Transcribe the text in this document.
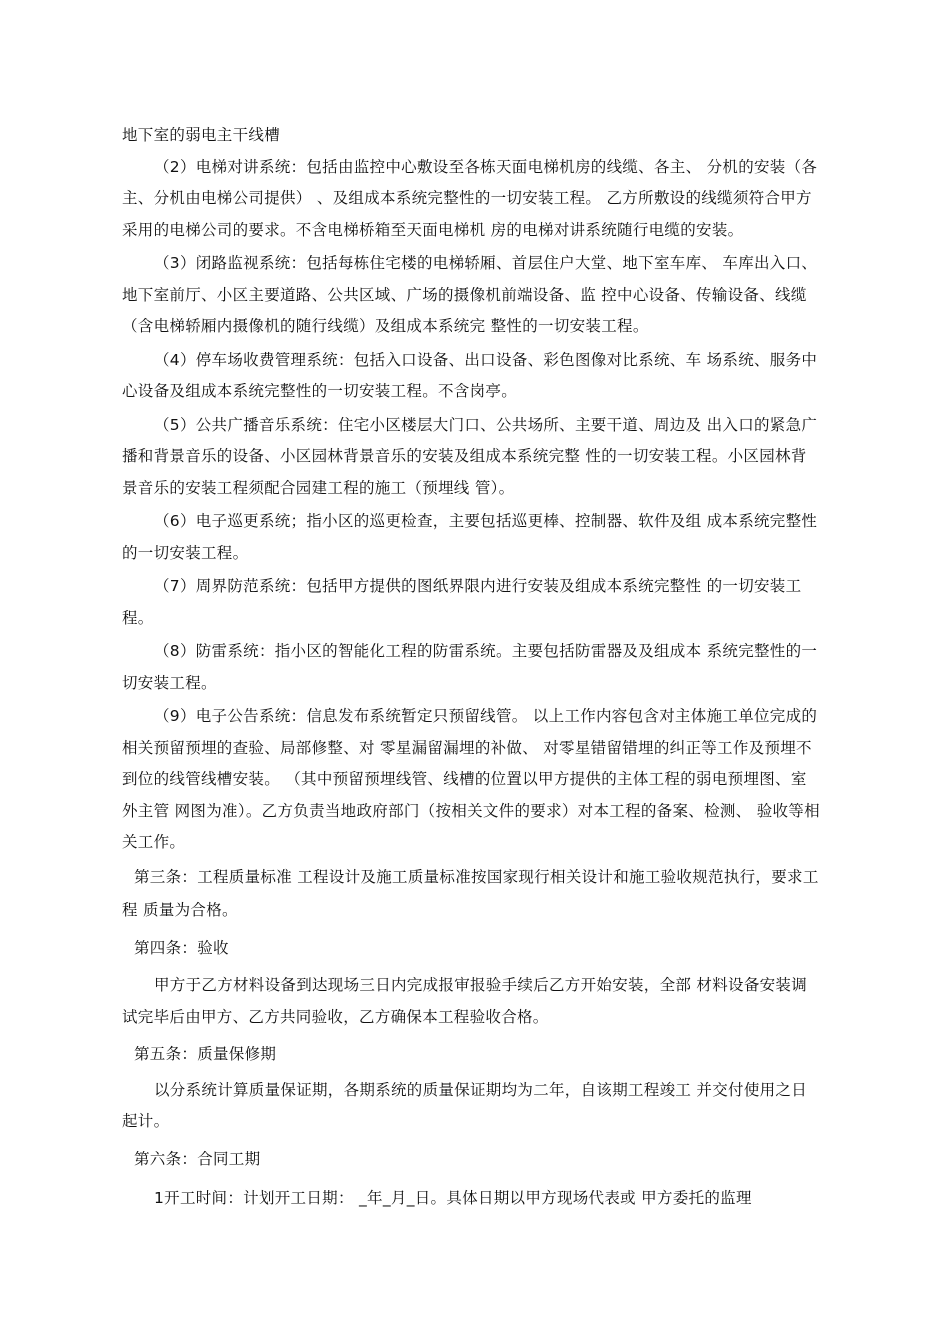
地下室的弱电主干线槽
（2）电梯对讲系统：包括由监控中心敷设至各栋天面电梯机房的线缆、各主、 分机的安装（各主、分机由电梯公司提供） 、及组成本系统完整性的一切安装工程。 乙方所敷设的线缆须符合甲方采用的电梯公司的要求。不含电梯桥箱至天面电梯机 房的电梯对讲系统随行电缆的安装。
（3）闭路监视系统：包括每栋住宅楼的电梯轿厢、首层住户大堂、地下室车库、 车库出入口、地下室前厅、小区主要道路、公共区域、广场的摄像机前端设备、监 控中心设备、传输设备、线缆（含电梯轿厢内摄像机的随行线缆）及组成本系统完 整性的一切安装工程。
（4）停车场收费管理系统：包括入口设备、出口设备、彩色图像对比系统、车 场系统、服务中心设备及组成本系统完整性的一切安装工程。不含岗亭。
（5）公共广播音乐系统：住宅小区楼层大门口、公共场所、主要干道、周边及 出入口的紧急广播和背景音乐的设备、小区园林背景音乐的安装及组成本系统完整 性的一切安装工程。小区园林背景音乐的安装工程须配合园建工程的施工（预埋线 管）。
（6）电子巡更系统；指小区的巡更检查，主要包括巡更棒、控制器、软件及组 成本系统完整性的一切安装工程。
（7）周界防范系统：包括甲方提供的图纸界限内进行安装及组成本系统完整性 的一切安装工程。
（8）防雷系统：指小区的智能化工程的防雷系统。主要包括防雷器及及组成本 系统完整性的一切安装工程。
（9）电子公告系统：信息发布系统暂定只预留线管。 以上工作内容包含对主体施工单位完成的相关预留预埋的查验、局部修整、对 零星漏留漏埋的补做、 对零星错留错埋的纠正等工作及预埋不到位的线管线槽安装。 （其中预留预埋线管、线槽的位置以甲方提供的主体工程的弱电预埋图、室外主管 网图为准）。乙方负责当地政府部门（按相关文件的要求）对本工程的备案、检测、 验收等相关工作。
第三条：工程质量标准 工程设计及施工质量标准按国家现行相关设计和施工验收规范执行，要求工程 质量为合格。
第四条：验收
甲方于乙方材料设备到达现场三日内完成报审报验手续后乙方开始安装，全部 材料设备安装调试完毕后由甲方、乙方共同验收，乙方确保本工程验收合格。
第五条：质量保修期
以分系统计算质量保证期，各期系统的质量保证期均为二年，自该期工程竣工 并交付使用之日起计。
第六条：合同工期
1开工时间：计划开工日期： _年_月_日。具体日期以甲方现场代表或 甲方委托的监理
